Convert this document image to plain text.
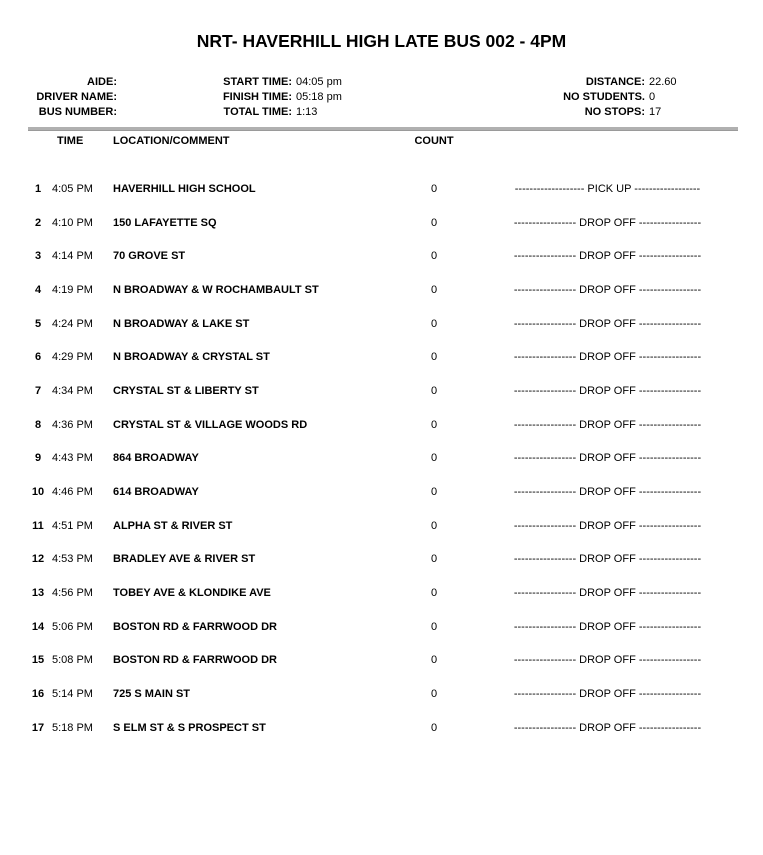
NRT- HAVERHILL HIGH LATE BUS 002 - 4PM
AIDE:
DRIVER NAME:
BUS NUMBER:
START TIME: 04:05 pm
FINISH TIME: 05:18 pm
TOTAL TIME: 1:13
DISTANCE: 22.60
NO STUDENTS. 0
NO STOPS: 17
TIME	LOCATION/COMMENT	COUNT
1 4:05 PM HAVERHILL HIGH SCHOOL	0	------------------- PICK UP ------------------
2 4:10 PM 150 LAFAYETTE SQ	0	----------------- DROP OFF -----------------
3 4:14 PM 70 GROVE ST	0	----------------- DROP OFF -----------------
4 4:19 PM N BROADWAY & W ROCHAMBAULT ST	0	----------------- DROP OFF -----------------
5 4:24 PM N BROADWAY & LAKE ST	0	----------------- DROP OFF -----------------
6 4:29 PM N BROADWAY & CRYSTAL ST	0	----------------- DROP OFF -----------------
7 4:34 PM CRYSTAL ST & LIBERTY ST	0	----------------- DROP OFF -----------------
8 4:36 PM CRYSTAL ST & VILLAGE WOODS RD	0	----------------- DROP OFF -----------------
9 4:43 PM 864 BROADWAY	0	----------------- DROP OFF -----------------
10 4:46 PM 614 BROADWAY	0	----------------- DROP OFF -----------------
11 4:51 PM ALPHA ST & RIVER ST	0	----------------- DROP OFF -----------------
12 4:53 PM BRADLEY AVE & RIVER ST	0	----------------- DROP OFF -----------------
13 4:56 PM TOBEY AVE & KLONDIKE AVE	0	----------------- DROP OFF -----------------
14 5:06 PM BOSTON RD & FARRWOOD DR	0	----------------- DROP OFF -----------------
15 5:08 PM BOSTON RD & FARRWOOD DR	0	----------------- DROP OFF -----------------
16 5:14 PM 725 S MAIN ST	0	----------------- DROP OFF -----------------
17 5:18 PM S ELM ST & S PROSPECT ST	0	----------------- DROP OFF -----------------
